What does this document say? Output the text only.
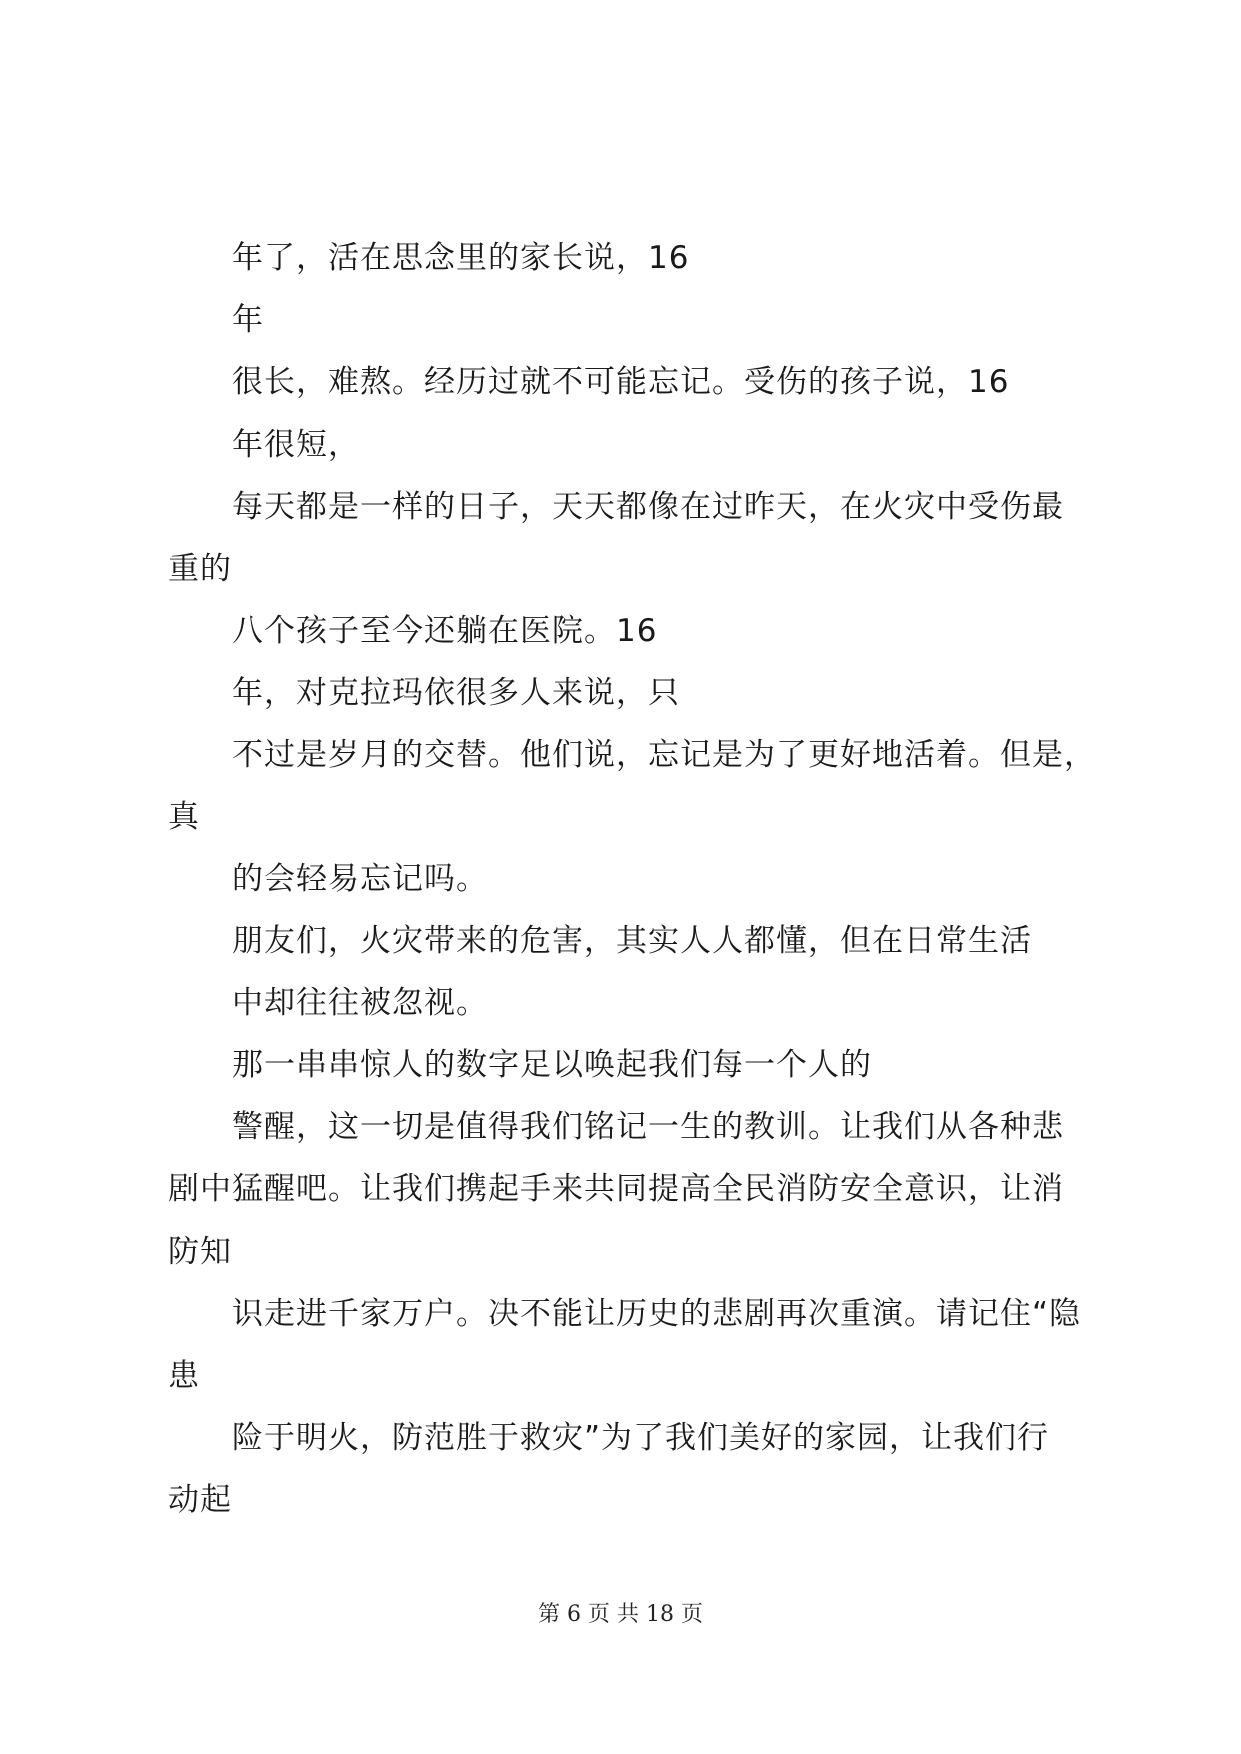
年了，活在思念里的家长说，16
年
很长，难熬。经历过就不可能忘记。受伤的孩子说，16
年很短，
每天都是一样的日子，天天都像在过昨天，在火灾中受伤最
重的
八个孩子至今还躺在医院。16
年，对克拉玛依很多人来说，只
不过是岁月的交替。他们说，忘记是为了更好地活着。但是，
真
的会轻易忘记吗。
朋友们，火灾带来的危害，其实人人都懂，但在日常生活
中却往往被忽视。
那一串串惊人的数字足以唤起我们每一个人的
警醒，这一切是值得我们铭记一生的教训。让我们从各种悲
剧中猛醒吧。让我们携起手来共同提高全民消防安全意识，让消
防知
识走进千家万户。决不能让历史的悲剧再次重演。请记住“隐
患
险于明火，防范胜于救灾”为了我们美好的家园，让我们行
动起
第 6 页 共 18 页
